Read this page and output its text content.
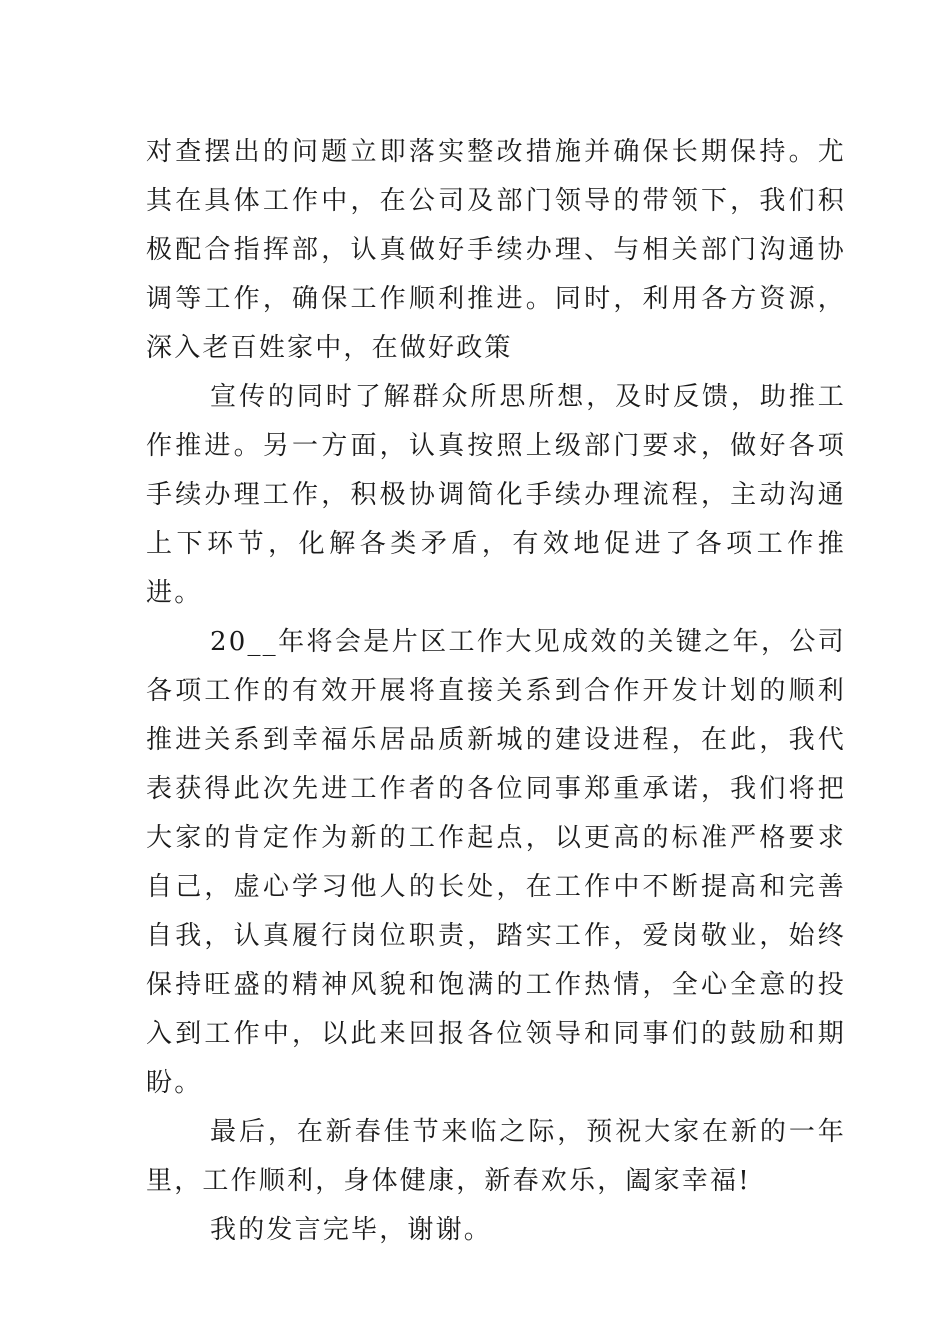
对查摆出的问题立即落实整改措施并确保长期保持。尤其在具体工作中，在公司及部门领导的带领下，我们积极配合指挥部，认真做好手续办理、与相关部门沟通协调等工作，确保工作顺利推进。同时，利用各方资源，深入老百姓家中，在做好政策

宣传的同时了解群众所思所想，及时反馈，助推工作推进。另一方面，认真按照上级部门要求，做好各项手续办理工作，积极协调简化手续办理流程，主动沟通上下环节，化解各类矛盾，有效地促进了各项工作推进。

20__年将会是片区工作大见成效的关键之年，公司各项工作的有效开展将直接关系到合作开发计划的顺利推进关系到幸福乐居品质新城的建设进程，在此，我代表获得此次先进工作者的各位同事郑重承诺，我们将把大家的肯定作为新的工作起点，以更高的标准严格要求自己，虚心学习他人的长处，在工作中不断提高和完善自我，认真履行岗位职责，踏实工作，爱岗敬业，始终保持旺盛的精神风貌和饱满的工作热情，全心全意的投入到工作中，以此来回报各位领导和同事们的鼓励和期盼。

最后，在新春佳节来临之际，预祝大家在新的一年里，工作顺利，身体健康，新春欢乐，阖家幸福!

我的发言完毕，谢谢。
